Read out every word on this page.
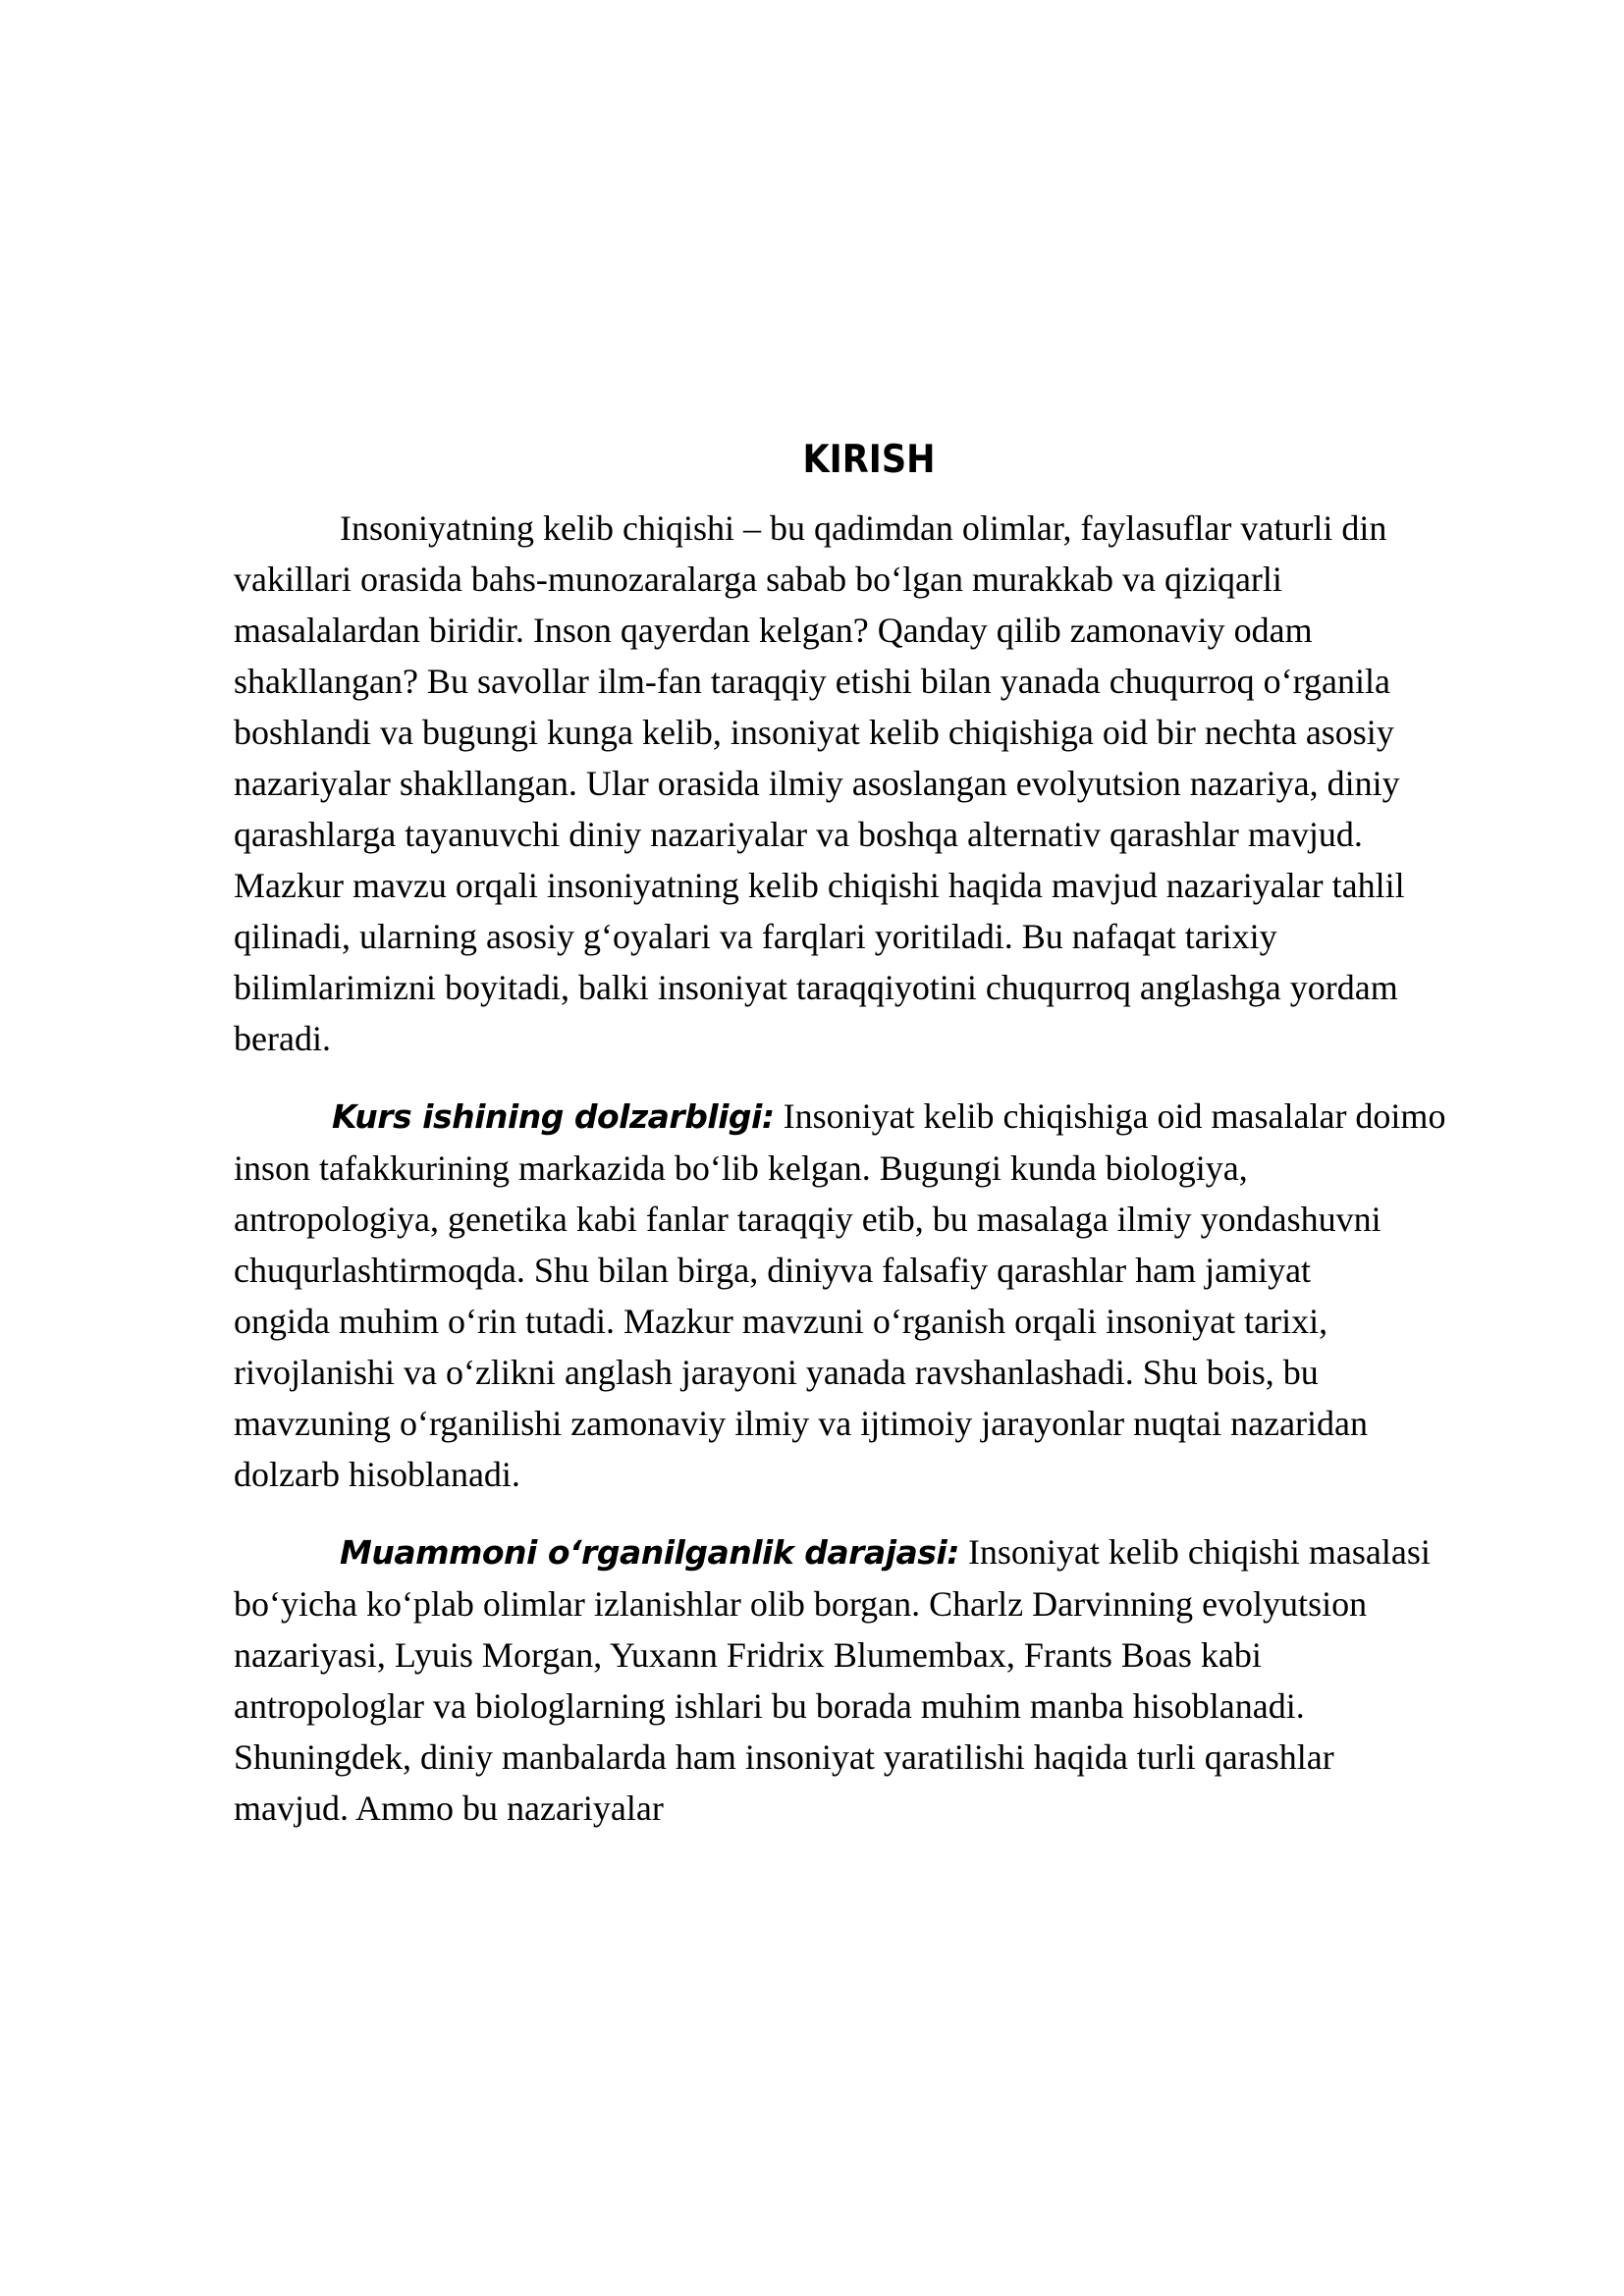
KIRISH

Insoniyatning kelib chiqishi – bu qadimdan olimlar, faylasuflar vaturli din
vakillari orasida bahs-munozaralarga sabab bo‘lgan murakkab va qiziqarli
masalalardan biridir. Inson qayerdan kelgan? Qanday qilib zamonaviy odam
shakllangan? Bu savollar ilm-fan taraqqiy etishi bilan yanada chuqurroq o‘rganila
boshlandi va bugungi kunga kelib, insoniyat kelib chiqishiga oid bir nechta asosiy
nazariyalar shakllangan. Ular orasida ilmiy asoslangan evolyutsion nazariya, diniy
qarashlarga tayanuvchi diniy nazariyalar va boshqa alternativ qarashlar mavjud.
Mazkur mavzu orqali insoniyatning kelib chiqishi haqida mavjud nazariyalar tahlil
qilinadi, ularning asosiy g‘oyalari va farqlari yoritiladi. Bu nafaqat tarixiy
bilimlarimizni boyitadi, balki insoniyat taraqqiyotini chuqurroq anglashga yordam
beradi.

Kurs ishining dolzarbligi: Insoniyat kelib chiqishiga oid masalalar doimo
inson tafakkurining markazida bo‘lib kelgan. Bugungi kunda biologiya,
antropologiya, genetika kabi fanlar taraqqiy etib, bu masalaga ilmiy yondashuvni
chuqurlashtirmoqda. Shu bilan birga, diniyva falsafiy qarashlar ham jamiyat
ongida muhim o‘rin tutadi. Mazkur mavzuni o‘rganish orqali insoniyat tarixi,
rivojlanishi va o‘zlikni anglash jarayoni yanada ravshanlashadi. Shu bois, bu
mavzuning o‘rganilishi zamonaviy ilmiy va ijtimoiy jarayonlar nuqtai nazaridan
dolzarb hisoblanadi.

Muammoni o‘rganilganlik darajasi: Insoniyat kelib chiqishi masalasi
bo‘yicha ko‘plab olimlar izlanishlar olib borgan. Charlz Darvinning evolyutsion
nazariyasi, Lyuis Morgan, Yuxann Fridrix Blumembax, Frants Boas kabi
antropologlar va biologlarning ishlari bu borada muhim manba hisoblanadi.
Shuningdek, diniy manbalarda ham insoniyat yaratilishi haqida turli qarashlar
mavjud. Ammo bu nazariyalar
